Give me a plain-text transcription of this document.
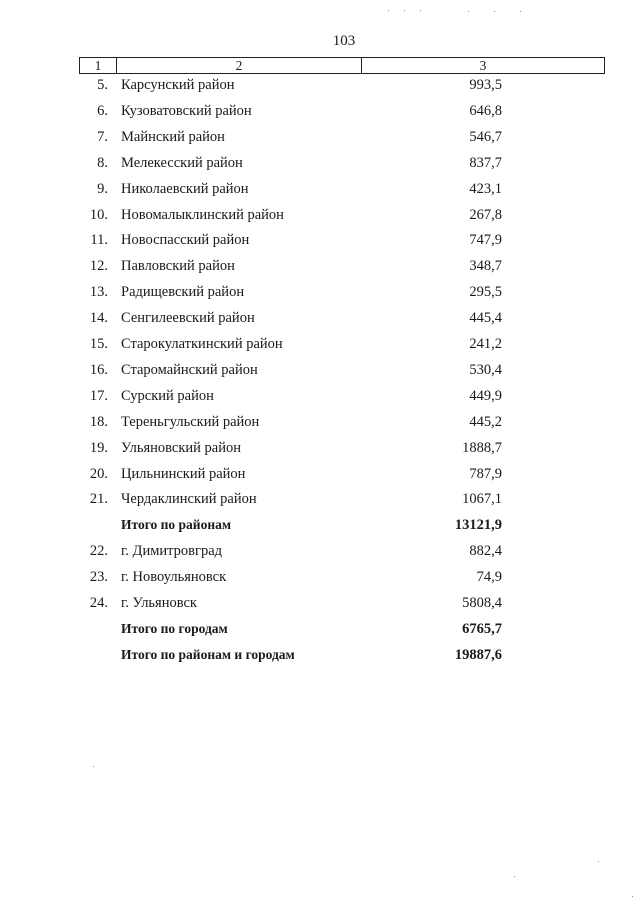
103
1	2	3
5. Карсунский район	993,5
6. Кузоватовский район	646,8
7. Майнский район	546,7
8. Мелекесский район	837,7
9. Николаевский район	423,1
10. Новомалыклинский район	267,8
11. Новоспасский район	747,9
12. Павловский район	348,7
13. Радищевский район	295,5
14. Сенгилеевский район	445,4
15. Старокулаткинский район	241,2
16. Старомайнский район	530,4
17. Сурский район	449,9
18. Тереньгульский район	445,2
19. Ульяновский район	1888,7
20. Цильнинский район	787,9
21. Чердаклинский район	1067,1
Итого по районам	13121,9
22. г. Димитровград	882,4
23. г. Новоульяновск	74,9
24. г. Ульяновск	5808,4
Итого по городам	6765,7
Итого по районам и городам	19887,6
